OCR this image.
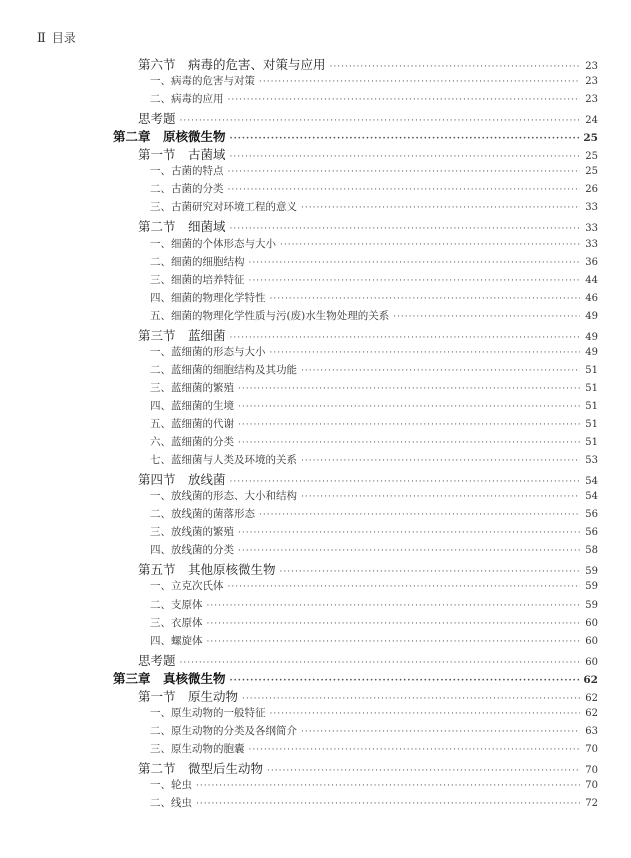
Ⅱ 目录
第六节　病毒的危害、对策与应用 ·····	23
一、病毒的危害与对策 ·····	23
二、病毒的应用 ·····	23
思考题 ·····	24
第二章　原核微生物 ·····	25
第一节　古菌域 ·····	25
一、古菌的特点 ·····	25
二、古菌的分类 ·····	26
三、古菌研究对环境工程的意义 ·····	33
第二节　细菌域 ·····	33
一、细菌的个体形态与大小 ·····	33
二、细菌的细胞结构 ·····	36
三、细菌的培养特征 ·····	44
四、细菌的物理化学特性 ·····	46
五、细菌的物理化学性质与污(废)水生物处理的关系 ·····	49
第三节　蓝细菌 ·····	49
一、蓝细菌的形态与大小 ·····	49
二、蓝细菌的细胞结构及其功能 ·····	51
三、蓝细菌的繁殖 ·····	51
四、蓝细菌的生境 ·····	51
五、蓝细菌的代谢 ·····	51
六、蓝细菌的分类 ·····	51
七、蓝细菌与人类及环境的关系 ·····	53
第四节　放线菌 ·····	54
一、放线菌的形态、大小和结构 ·····	54
二、放线菌的菌落形态 ·····	56
三、放线菌的繁殖 ·····	56
四、放线菌的分类 ·····	58
第五节　其他原核微生物 ·····	59
一、立克次氏体 ·····	59
二、支原体 ·····	59
三、衣原体 ·····	60
四、螺旋体 ·····	60
思考题 ·····	60
第三章　真核微生物 ·····	62
第一节　原生动物 ·····	62
一、原生动物的一般特征 ·····	62
二、原生动物的分类及各纲简介 ·····	63
三、原生动物的胞囊 ·····	70
第二节　微型后生动物 ·····	70
一、轮虫 ·····	70
二、线虫 ·····	72
